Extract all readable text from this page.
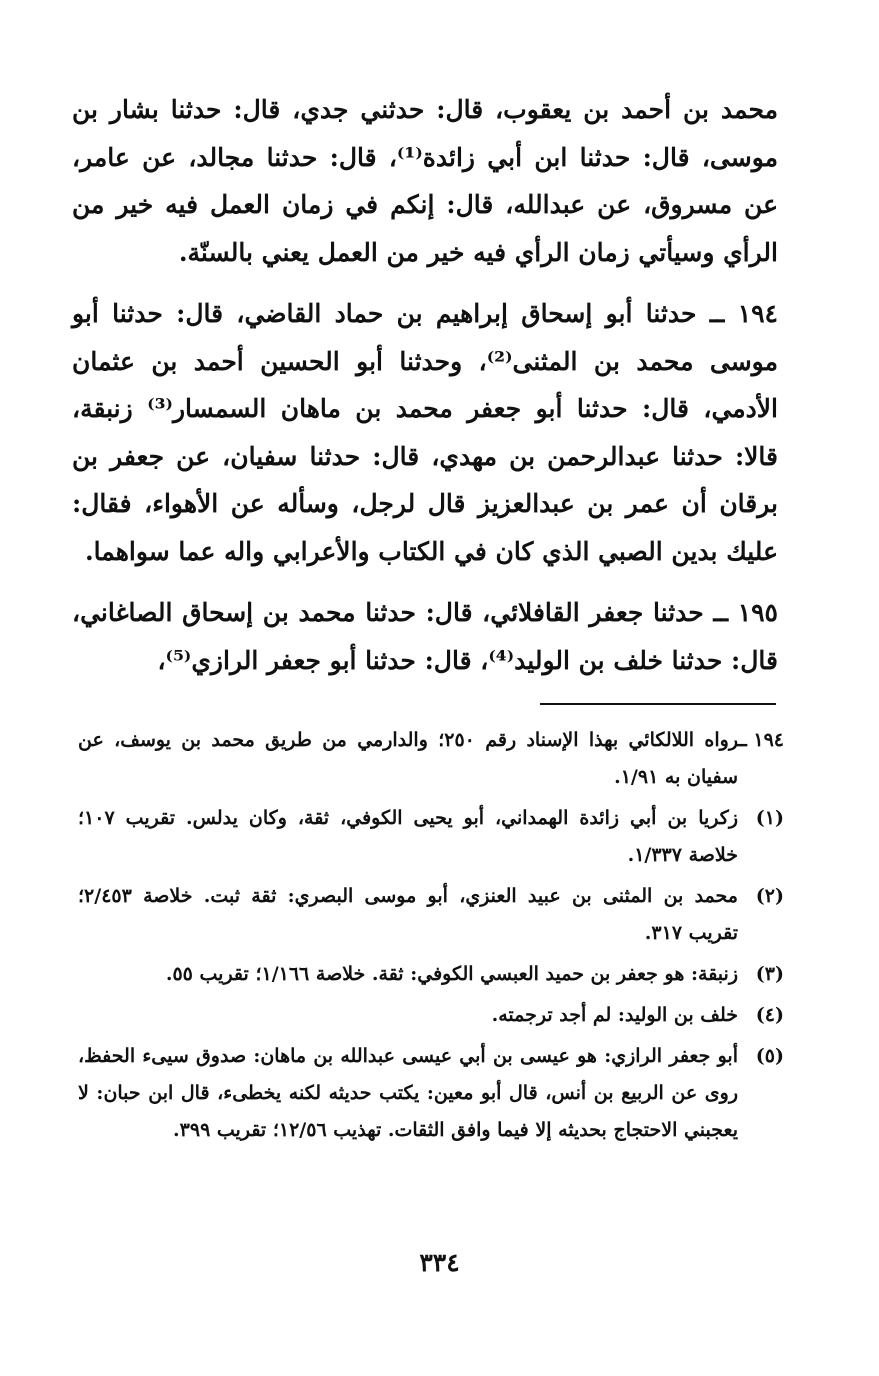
محمد بن أحمد بن يعقوب، قال: حدثني جدي، قال: حدثنا بشار بن موسى، قال: حدثنا ابن أبي زائدة⁽¹⁾، قال: حدثنا مجالد، عن عامر، عن مسروق، عن عبدالله، قال: إنكم في زمان العمل فيه خير من الرأي وسيأتي زمان الرأي فيه خير من العمل يعني بالسنّة.

١٩٤ ــ حدثنا أبو إسحاق إبراهيم بن حماد القاضي، قال: حدثنا أبو موسى محمد بن المثنى⁽²⁾، وحدثنا أبو الحسين أحمد بن عثمان الأدمي، قال: حدثنا أبو جعفر محمد بن ماهان السمسار⁽³⁾ زنبقة، قالا: حدثنا عبدالرحمن بن مهدي، قال: حدثنا سفيان، عن جعفر بن برقان أن عمر بن عبدالعزيز قال لرجل، وسأله عن الأهواء، فقال: عليك بدين الصبي الذي كان في الكتاب والأعرابي واله عما سواهما.

١٩٥ ــ حدثنا جعفر القافلائي، قال: حدثنا محمد بن إسحاق الصاغاني، قال: حدثنا خلف بن الوليد⁽⁴⁾، قال: حدثنا أبو جعفر الرازي⁽⁵⁾،

١٩٤ ــ
رواه اللالكائي بهذا الإسناد رقم ٢٥٠؛ والدارمي من طريق محمد بن يوسف، عن سفيان به ١/٩١.
(١)
زكريا بن أبي زائدة الهمداني، أبو يحيى الكوفي، ثقة، وكان يدلس. تقريب ١٠٧؛ خلاصة ١/٣٣٧.
(٢)
محمد بن المثنى بن عبيد العنزي، أبو موسى البصري: ثقة ثبت. خلاصة ٢/٤٥٣؛ تقريب ٣١٧.
(٣)
زنبقة: هو جعفر بن حميد العبسي الكوفي: ثقة. خلاصة ١/١٦٦؛ تقريب ٥٥.
(٤)
خلف بن الوليد: لم أجد ترجمته.
(٥)
أبو جعفر الرازي: هو عيسى بن أبي عيسى عبدالله بن ماهان: صدوق سيىء الحفظ، روى عن الربيع بن أنس، قال أبو معين: يكتب حديثه لكنه يخطىء، قال ابن حبان: لا يعجبني الاحتجاج بحديثه إلا فيما وافق الثقات. تهذيب ١٢/٥٦؛ تقريب ٣٩٩.
٣٣٤
